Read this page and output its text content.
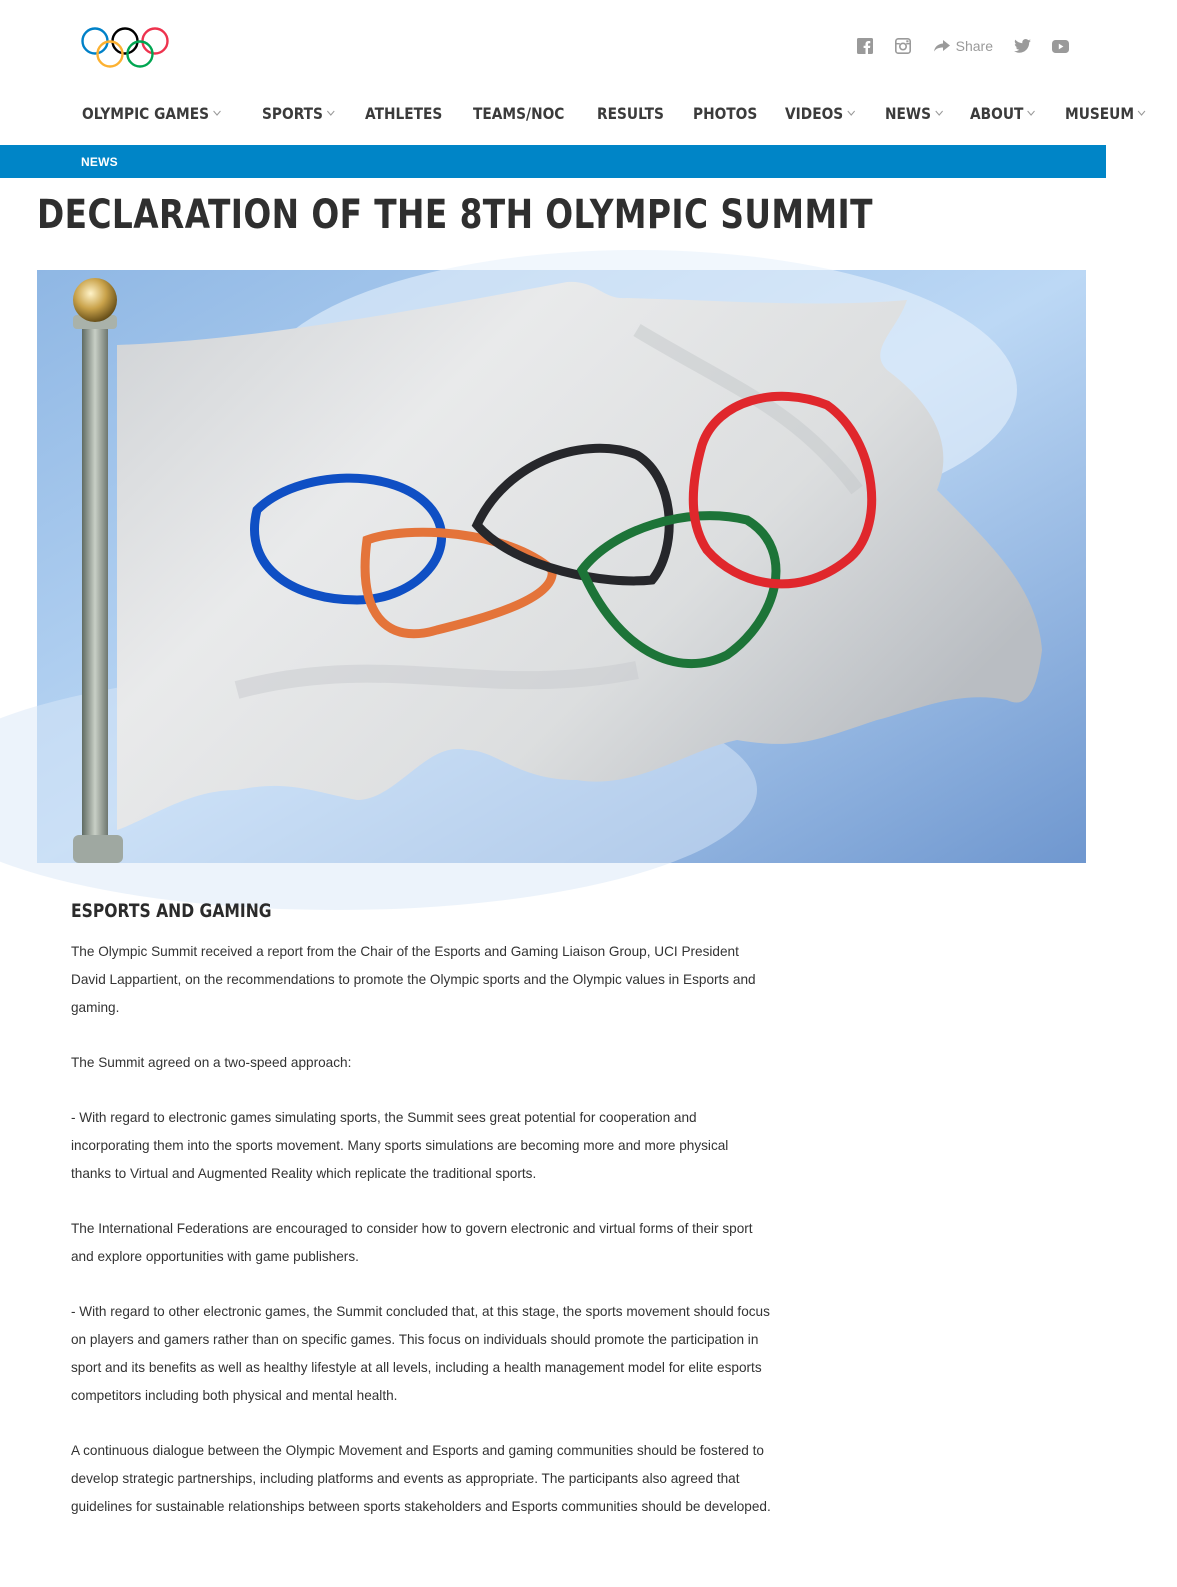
Share
OLYMPIC GAMES	SPORTS	ATHLETES TEAMS/NOC RESULTS PHOTOS VIDEOS	NEWS ABOUT	MUSEUM
NEWS
DECLARATION OF THE 8TH OLYMPIC SUMMIT
ESPORTS AND GAMING

The Olympic Summit received a report from the Chair of the Esports and Gaming Liaison Group, UCI President David Lappartient, on the recommendations to promote the Olympic sports and the Olympic values in Esports and gaming.

The Summit agreed on a two-speed approach:

- With regard to electronic games simulating sports, the Summit sees great potential for cooperation and incorporating them into the sports movement. Many sports simulations are becoming more and more physical thanks to Virtual and Augmented Reality which replicate the traditional sports.

The International Federations are encouraged to consider how to govern electronic and virtual forms of their sport and explore opportunities with game publishers.

- With regard to other electronic games, the Summit concluded that, at this stage, the sports movement should focus on players and gamers rather than on specific games. This focus on individuals should promote the participation in sport and its benefits as well as healthy lifestyle at all levels, including a health management model for elite esports competitors including both physical and mental health.

A continuous dialogue between the Olympic Movement and Esports and gaming communities should be fostered to develop strategic partnerships, including platforms and events as appropriate. The participants also agreed that guidelines for sustainable relationships between sports stakeholders and Esports communities should be developed.
